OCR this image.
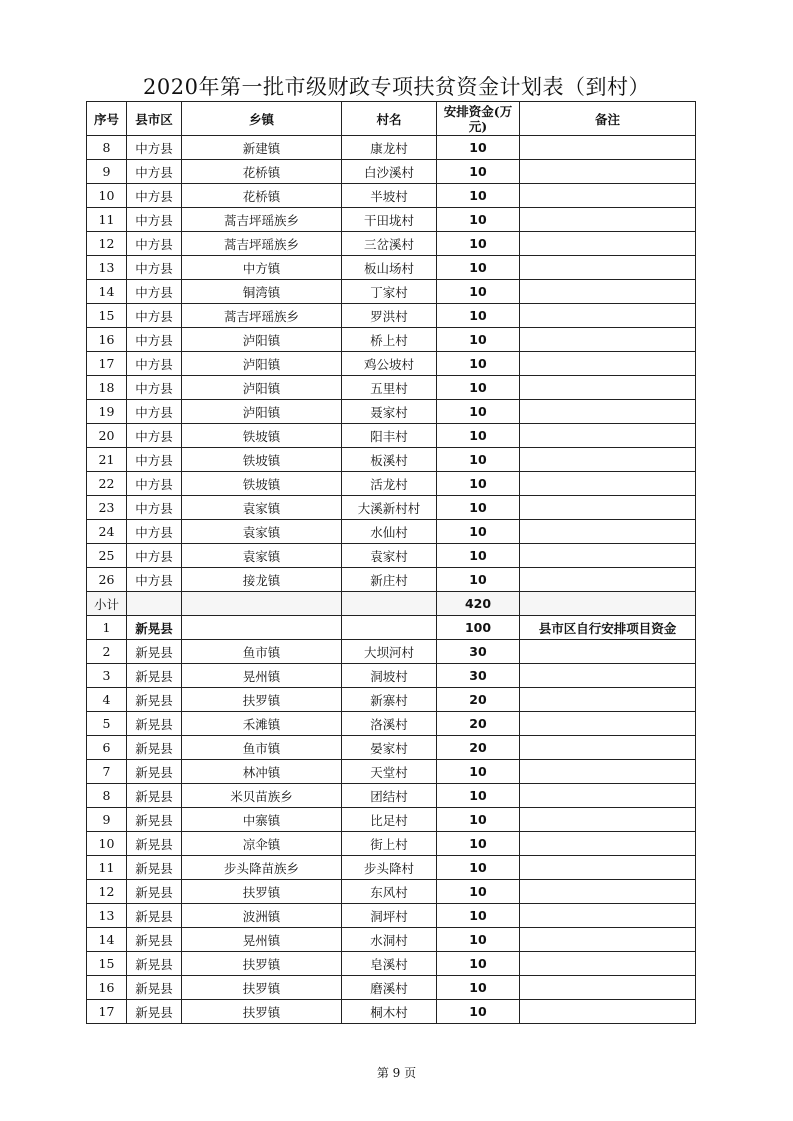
2020年第一批市级财政专项扶贫资金计划表（到村）
序号	县市区	乡镇	村名	安排资金(万元)	备注
8	中方县	新建镇	康龙村	10	
9	中方县	花桥镇	白沙溪村	10	
10	中方县	花桥镇	半坡村	10	
11	中方县	蒿吉坪瑶族乡	干田垅村	10	
12	中方县	蒿吉坪瑶族乡	三岔溪村	10	
13	中方县	中方镇	板山场村	10	
14	中方县	铜湾镇	丁家村	10	
15	中方县	蒿吉坪瑶族乡	罗洪村	10	
16	中方县	泸阳镇	桥上村	10	
17	中方县	泸阳镇	鸡公坡村	10	
18	中方县	泸阳镇	五里村	10	
19	中方县	泸阳镇	聂家村	10	
20	中方县	铁坡镇	阳丰村	10	
21	中方县	铁坡镇	板溪村	10	
22	中方县	铁坡镇	活龙村	10	
23	中方县	袁家镇	大溪新村村	10	
24	中方县	袁家镇	水仙村	10	
25	中方县	袁家镇	袁家村	10	
26	中方县	接龙镇	新庄村	10	
小计				420	
1	新晃县			100	县市区自行安排项目资金
2	新晃县	鱼市镇	大坝河村	30	
3	新晃县	晃州镇	洞坡村	30	
4	新晃县	扶罗镇	新寨村	20	
5	新晃县	禾滩镇	洛溪村	20	
6	新晃县	鱼市镇	晏家村	20	
7	新晃县	林冲镇	天堂村	10	
8	新晃县	米贝苗族乡	团结村	10	
9	新晃县	中寨镇	比足村	10	
10	新晃县	凉伞镇	街上村	10	
11	新晃县	步头降苗族乡	步头降村	10	
12	新晃县	扶罗镇	东风村	10	
13	新晃县	波洲镇	洞坪村	10	
14	新晃县	晃州镇	水洞村	10	
15	新晃县	扶罗镇	皂溪村	10	
16	新晃县	扶罗镇	磨溪村	10	
17	新晃县	扶罗镇	桐木村	10	
第 9 页
